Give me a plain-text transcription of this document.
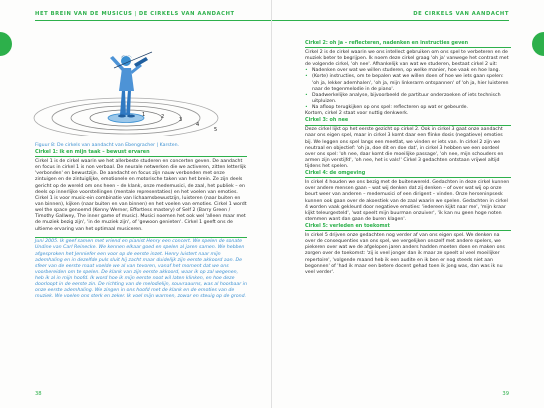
HET BREIN VAN DE MUSICUS | DE CIRKELS VAN AANDACHT
1	2	3
4
5

Figuur 8: De cirkels van aandacht van Ebengracher | Karsten.

Cirkel 1: ik en mijn taak – bewust ervaren

Cirkel 1 is de cirkel waarin we het allerbeste studeren en concerten geven. De aandacht en focus in cirkel 1 is non verbaal. De neurale netwerken die we activeren, zitten letterlijk 'verbonden' en bewustzijn. De aandacht en focus zijn nauw verbonden met onze zintuigen en de zintuiglijke, emotionele en motorische taken van het brein. Ze zijn deels gericht op de wereld om ons heen – de klank, onze medemusici, de zaal, het publiek – en deels op innerlijke voorstellingen (mentale representaties) en het voelen van emoties. Cirkel 1 is voor music-ein combinatie van lichaamsbewustzijn, luisteren (naar buiten en van binnen), kijken (naar buiten en van binnen) en het voelen van emoties. Cirkel 1 wordt wel the space genoemd (Kenny Werner, Effortless mastery) of Self 2 (Barry Green / Timothy Gallwey, The inner game of music). Musici noemen het ook wel 'alleen maar met de muziek bezig zijn', 'in de muziek zijn', of 'gewoon genieten'. Cirkel 1 geeft ons de ultieme ervaring van het optimaal musiceren.

Juni 2005. Ik geef samen met vriend en pianist Henry een concert. We spelen de sonate Undine van Carl Reinecke. We kennen elkaar goed en spelen al jaren samen. We hebben afgesproken het Jenniefer een voor op de eerste inzet. Henry luistert naar mijn ademhaling en in dezelfde puls sluit hij zacht maar duidelijk zijn eerste akkoord aan. De sfeer van de eerste maat voelde we al van tevoren, vanaf het moment dat we ons voorbereiden om te spelen. De klank van zijn eerste akkoord, waar ik op zal wegenen, heb ik al in mijn hoofd. Ik word hoe ik mijn eerste noot wil laten klinken, en hoe deze doorloopt in de eerste zin. De richting van de melodielijn, souvraaurns, was al hoorbaar in onze eerste ademhaling. We zingen in ons hoofd met de klank en de emoties van de muziek. We voelen ons sterk en zeker. Ik voel mijn warmen, zowar en steuig op de grond.

38
DE CIRKELS VAN AANDACHT

Cirkel 2: oh ja – reflecteren, nadenken en instructies geven

Cirkel 2 is de cirkel waarin we ons intellect gebruiken om ons spel te verbeteren en de muziek beter te begrijpen. Ik noem deze cirkel graag 'oh ja' vanwege het contrast met de volgende cirkel, 'oh nee'. Afhankelijk van wat we studeren, bestaat cirkel 2 uit:

• Nadenken over wat we willen studeren, op welke manier, hoe vaak en hoe lang.
• (Korte) instructies, om te bepalen wat we willen doen of hoe we iets gaan spelen: 'oh ja, lekker ademhalen', 'oh ja, mijn linkerarm ontspannen' of 'oh ja, hier luisteren naar de tegenmelodie in de piano'.
• Daadwerkelijke analyse, bijvoorbeeld de partituur onderzoeken of iets technisch uitpluizen.
• Na afloop terugkijken op ons spel: reflecteren op wat er gebeurde.

Kortom, cirkel 2 staat voor nuttig denkwerk.

Cirkel 3: oh nee

Deze cirkel lijkt op het eerste gezicht op cirkel 2. Ook in cirkel 3 gaat onze aandacht naar ons eigen spel, maar in cirkel 3 komt daar een flinke dosis (negatieve) emoties bij. We leggen ons spel langs een meetlat, we vinden er iets van. In cirkel 2 zijn we neutraal en objectief: 'oh ja, doe dit en doe dat', in cirkel 3 hebben we een oordeel over ons spel: 'oh nee, daar komt die moeilijke passage', 'oh nee, mijn schouders en armen zijn verstijfd', 'oh nee, het is vals!' Cirkel 3 gedachten ontstaan vrijwel altijd tijdens het spelen.

Cirkel 4: de omgeving

In cirkel 4 houden we ons bezig met de buitenwereld. Gedachten in deze cirkel kunnen over andere mensen gaan – wat wij denken dat zij denken – of over wat wij op onze beurt weer van anderen – medemusici of een dirigent – vinden. Onze herseninpsesk kunnen ook gaan over de akoestiek van de zaal waarin we spelen. Gedachten in cirkel 4 worden vaak gekleurd door negatieve emoties: 'iedereen kijkt naar me', 'mijn kraar kijkt teleurgesteld', 'wat speelt mijn buurman onzuiver', 'ik kan nu geen hoge noten stemmen want dan gaan de buren klagen'.

Cirkel 5: verleden en toekomst

In cirkel 5 drijven onze gedachten nog verder af van ons eigen spel. We denken na over de consequenties van ons spel, we vergelijken onszelf met andere spelers, we piekeren over wat we de afgelopen jaren anders hadden moeten doen en maken ons zorgen over de toekomst: 'zij is veel jonger dan ik maar ze speelt al veel moeilijker repertoire', 'volgende maand heb ik een audite en ik ben er nog steeds niet aan begonnen' of 'had ik maar een betere docent gehad toen ik jong was, dan was ik nu veel verder'.

39
